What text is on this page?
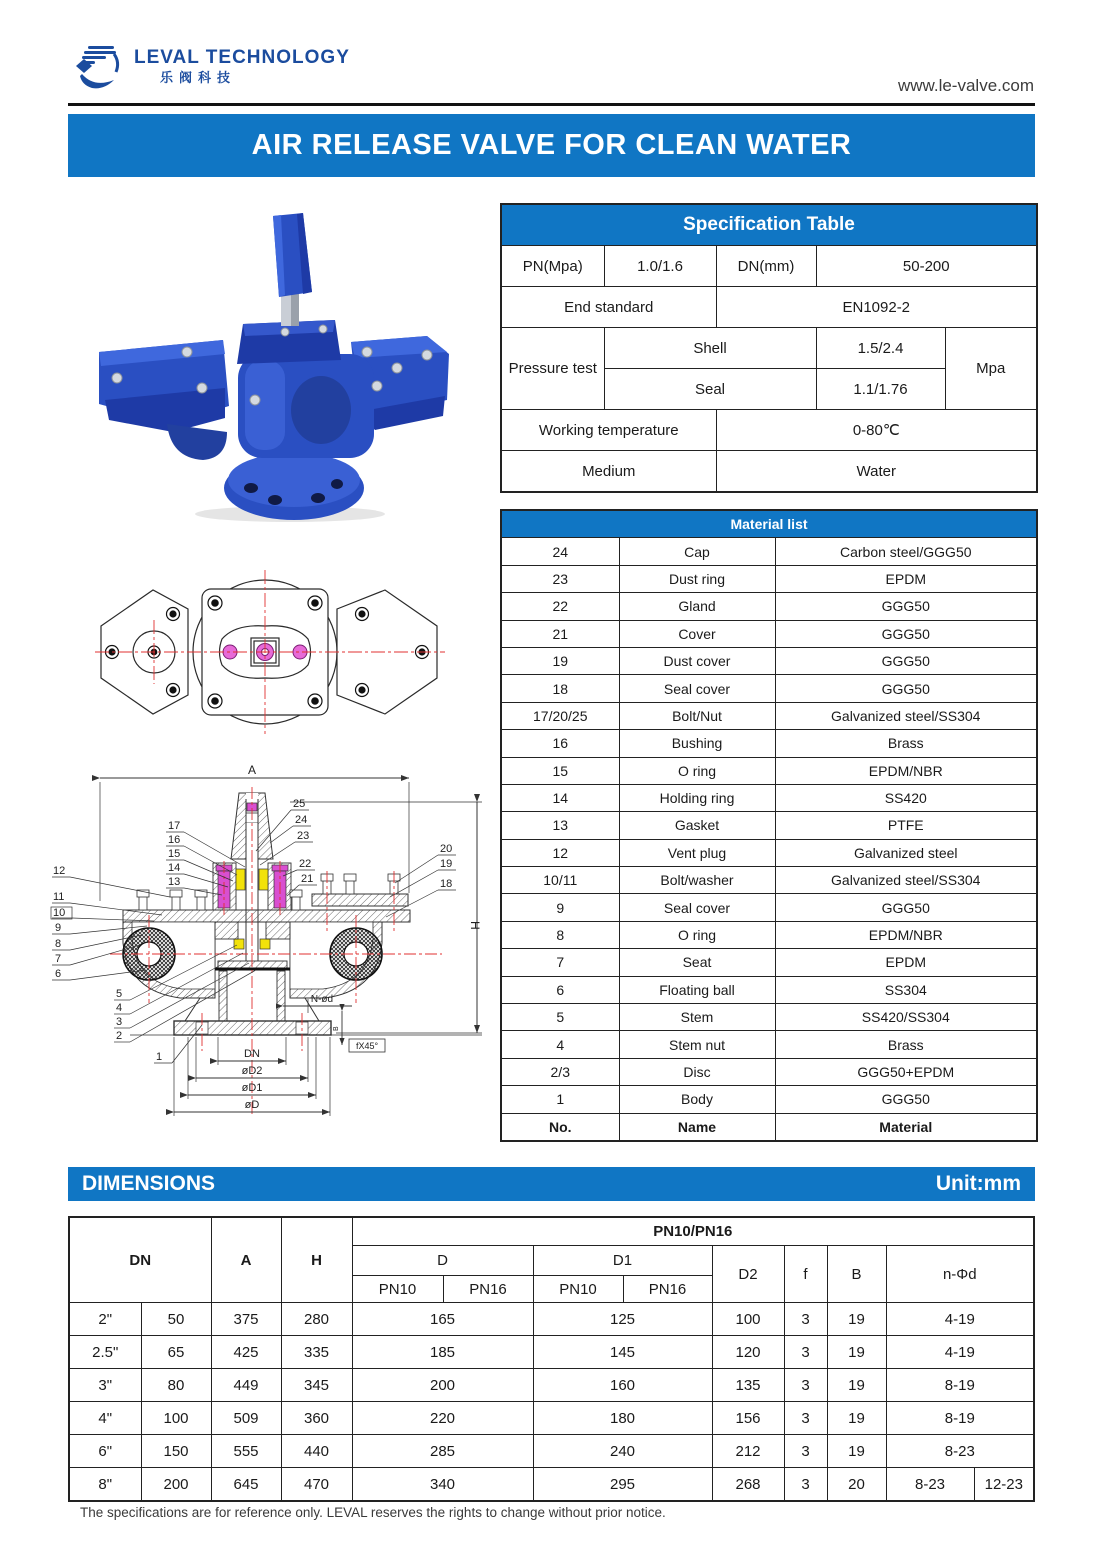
LEVAL TECHNOLOGY
乐阀科技	www.le-valve.com
AIR RELEASE VALVE FOR CLEAN WATER
A
H
DN
øD2
øD1
øD
N-ød
B
fX45°
25
24
23
22
21
20
19
18
17
16
15
14
13
12
11
10
9
8
7
6
5
4
3
2
1
Specification Table				
PN(Mpa)	1.0/1.6	DN(mm)	50-200	
End standard		EN1092-2		
Pressure test	Shell		1.5/2.4	Mpa
	Seal		1.1/1.76	
Working temperature		0-80℃		
Medium		Water		
Material list		
24	Cap	Carbon steel/GGG50
23	Dust ring	EPDM
22	Gland	GGG50
21	Cover	GGG50
19	Dust cover	GGG50
18	Seal cover	GGG50
17/20/25	Bolt/Nut	Galvanized steel/SS304
16	Bushing	Brass
15	O ring	EPDM/NBR
14	Holding ring	SS420
13	Gasket	PTFE
12	Vent plug	Galvanized steel
10/11	Bolt/washer	Galvanized steel/SS304
9	Seal cover	GGG50
8	O ring	EPDM/NBR
7	Seat	EPDM
6	Floating ball	SS304
5	Stem	SS420/SS304
4	Stem nut	Brass
2/3	Disc	GGG50+EPDM
1	Body	GGG50
No.	Name	Material
DIMENSIONS	Unit:mm
DN		A	H	PN10/PN16								
				D		D1		D2	f	B	n-Φd	
				PN10	PN16	PN10	PN16					
2"	50	375	280	165		125		100	3	19	4-19	
2.5"	65	425	335	185		145		120	3	19	4-19	
3"	80	449	345	200		160		135	3	19	8-19	
4"	100	509	360	220		180		156	3	19	8-19	
6"	150	555	440	285		240		212	3	19	8-23	
8"	200	645	470	340		295		268	3	20	8-23	12-23
The specifications are for reference only. LEVAL reserves the rights to change without prior notice.
